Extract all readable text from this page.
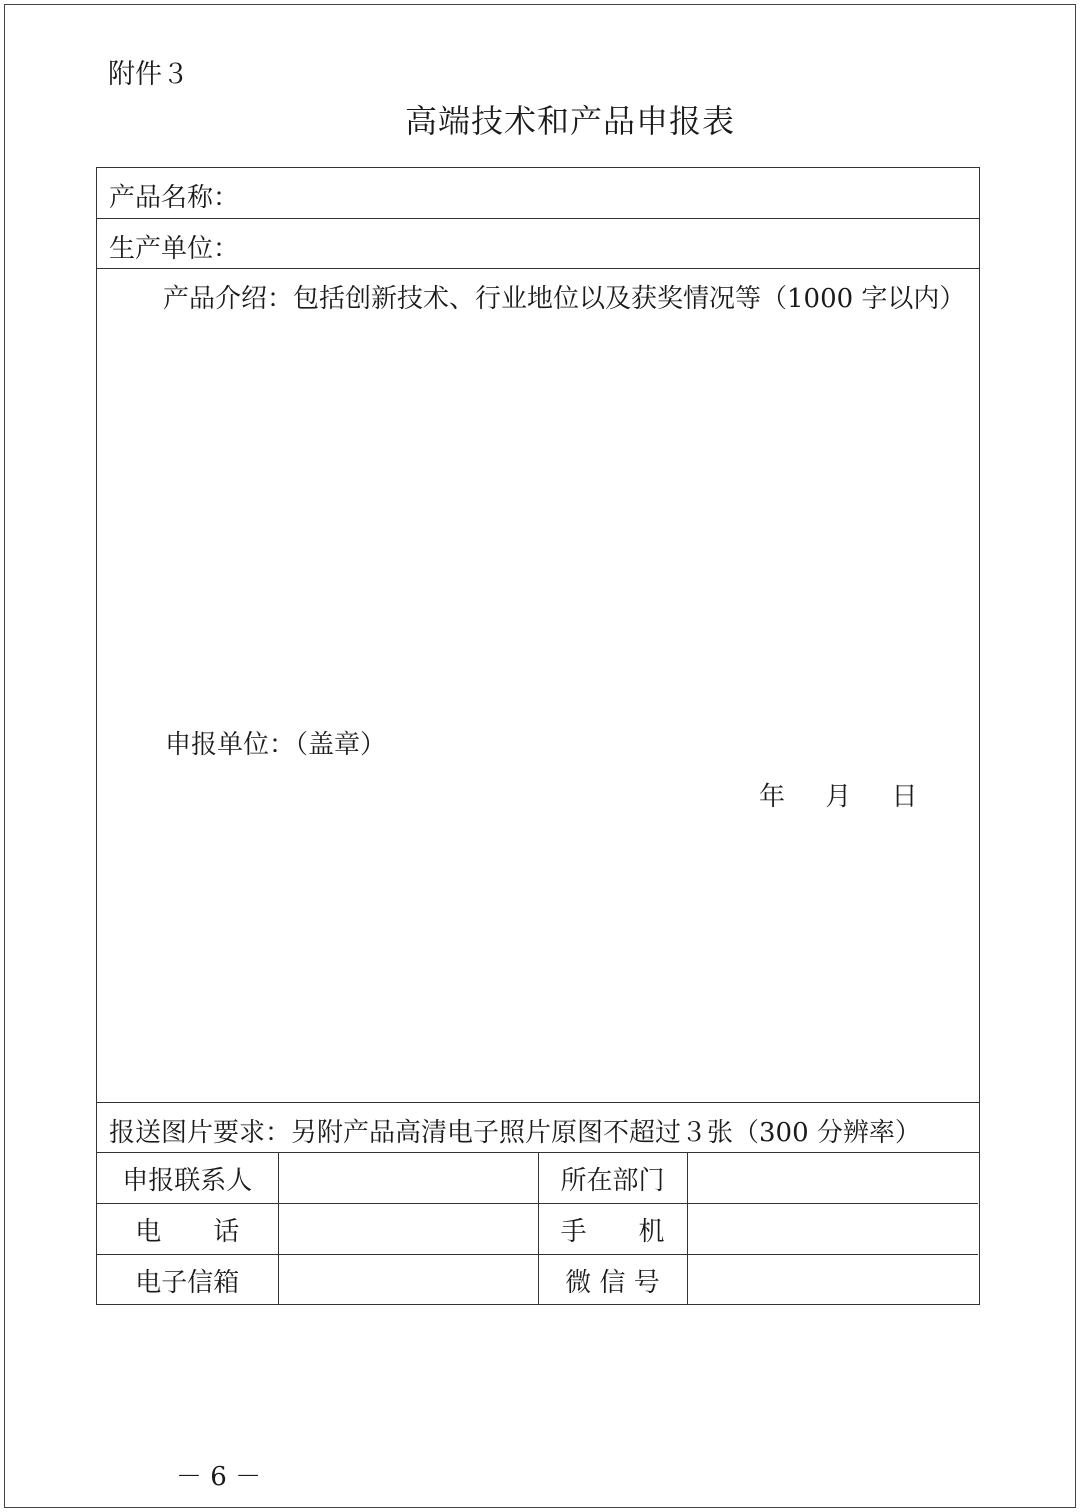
附件３
高端技术和产品申报表
产品名称：
生产单位：
产品介绍：包括创新技术、行业地位以及获奖情况等（1000 字以内）
申报单位：（盖章）
年 月 日
报送图片要求：另附产品高清电子照片原图不超过３张（300 分辨率）
申报联系人		所在部门	
电　　话		手　　机	
电子信箱		微 信 号	
－ 6 －
